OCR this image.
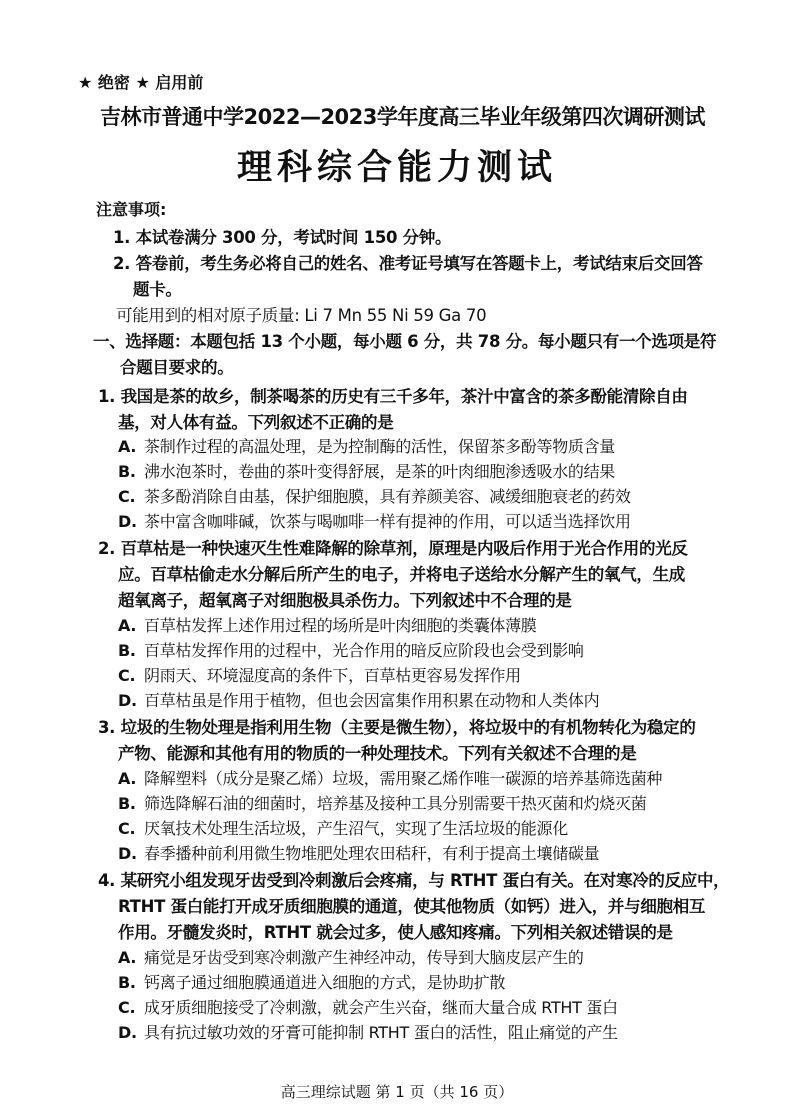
★ 绝密 ★ 启用前
吉林市普通中学2022—2023学年度高三毕业年级第四次调研测试
理科综合能力测试
注意事项:
1. 本试卷满分 300 分，考试时间 150 分钟。
2. 答卷前，考生务必将自己的姓名、准考证号填写在答题卡上，考试结束后交回答
题卡。
可能用到的相对原子质量: Li 7 Mn 55 Ni 59 Ga 70
一、选择题：本题包括 13 个小题，每小题 6 分，共 78 分。每小题只有一个选项是符
合题目要求的。
1. 我国是茶的故乡，制茶喝茶的历史有三千多年，茶汁中富含的茶多酚能清除自由
基，对人体有益。下列叙述不正确的是
A. 茶制作过程的高温处理，是为控制酶的活性，保留茶多酚等物质含量
B. 沸水泡茶时，卷曲的茶叶变得舒展，是茶的叶肉细胞渗透吸水的结果
C. 茶多酚消除自由基，保护细胞膜，具有养颜美容、减缓细胞衰老的药效
D. 茶中富含咖啡碱，饮茶与喝咖啡一样有提神的作用，可以适当选择饮用
2. 百草枯是一种快速灭生性难降解的除草剂，原理是内吸后作用于光合作用的光反
应。百草枯偷走水分解后所产生的电子，并将电子送给水分解产生的氧气，生成
超氧离子，超氧离子对细胞极具杀伤力。下列叙述中不合理的是
A. 百草枯发挥上述作用过程的场所是叶肉细胞的类囊体薄膜
B. 百草枯发挥作用的过程中，光合作用的暗反应阶段也会受到影响
C. 阴雨天、环境湿度高的条件下，百草枯更容易发挥作用
D. 百草枯虽是作用于植物，但也会因富集作用积累在动物和人类体内
3. 垃圾的生物处理是指利用生物（主要是微生物），将垃圾中的有机物转化为稳定的
产物、能源和其他有用的物质的一种处理技术。下列有关叙述不合理的是
A. 降解塑料（成分是聚乙烯）垃圾，需用聚乙烯作唯一碳源的培养基筛选菌种
B. 筛选降解石油的细菌时，培养基及接种工具分别需要干热灭菌和灼烧灭菌
C. 厌氧技术处理生活垃圾，产生沼气，实现了生活垃圾的能源化
D. 春季播种前利用微生物堆肥处理农田秸秆，有利于提高土壤储碳量
4. 某研究小组发现牙齿受到冷刺激后会疼痛，与 RTHT 蛋白有关。在对寒冷的反应中，
RTHT 蛋白能打开成牙质细胞膜的通道，使其他物质（如钙）进入，并与细胞相互
作用。牙髓发炎时，RTHT 就会过多，使人感知疼痛。下列相关叙述错误的是
A. 痛觉是牙齿受到寒冷刺激产生神经冲动，传导到大脑皮层产生的
B. 钙离子通过细胞膜通道进入细胞的方式，是协助扩散
C. 成牙质细胞接受了冷刺激，就会产生兴奋，继而大量合成 RTHT 蛋白
D. 具有抗过敏功效的牙膏可能抑制 RTHT 蛋白的活性，阻止痛觉的产生
高三理综试题 第 1 页（共 16 页）
